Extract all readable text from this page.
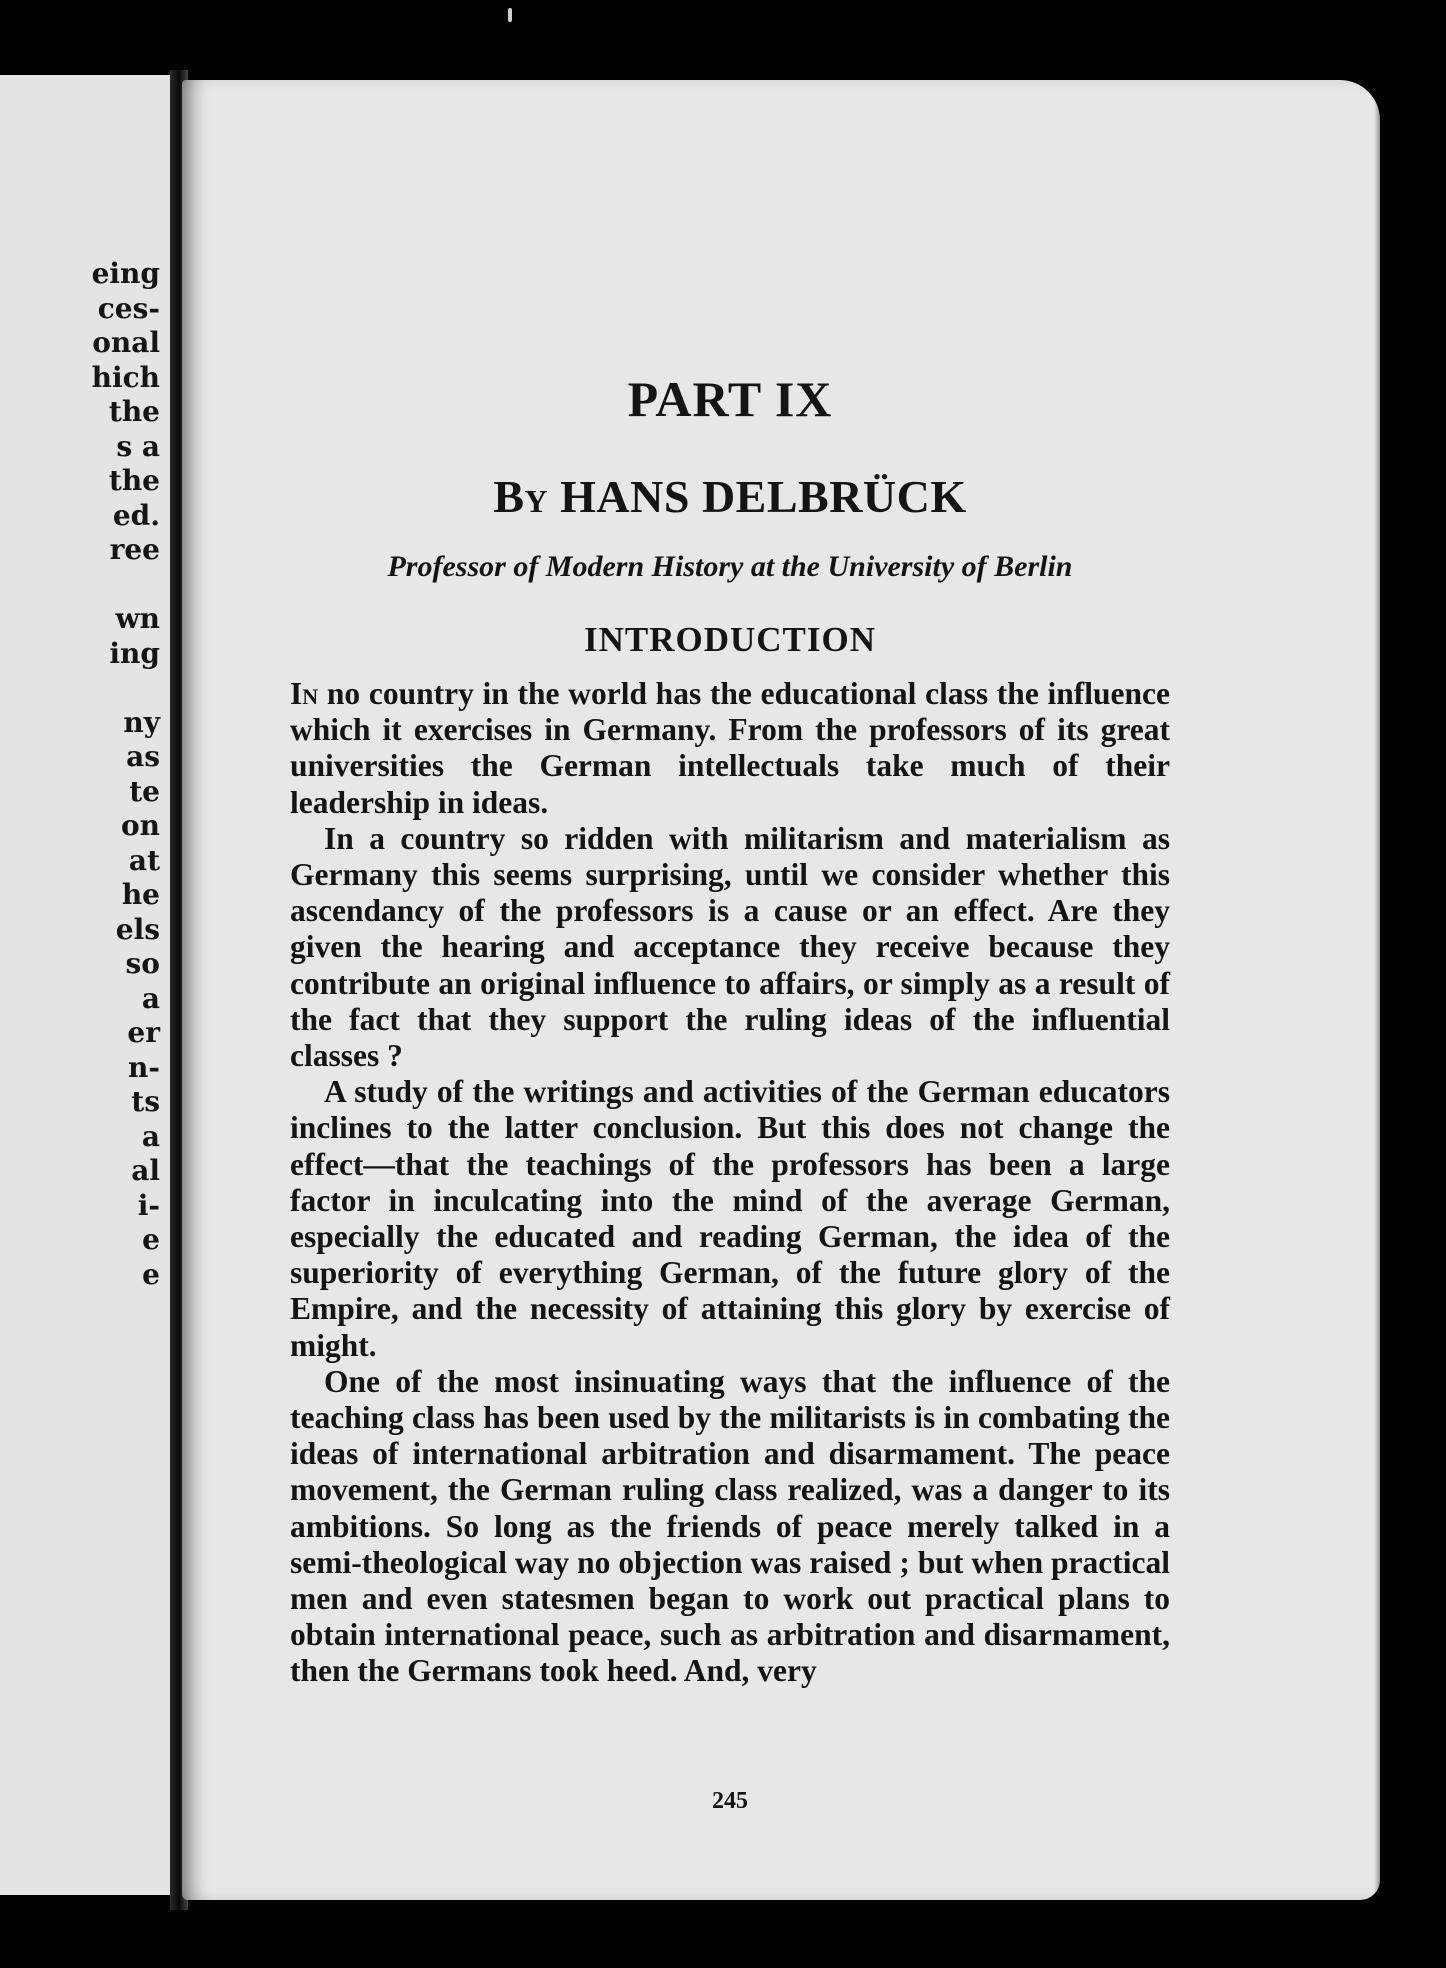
eing
ces-
onal
hich
the
s a
the
ed.
ree

wn
ing

ny
as
te
on
at
he
els
so
a
er
n-
ts
a
al
i-
e
e
PART IX
By HANS DELBRÜCK

Professor of Modern History at the University of Berlin

INTRODUCTION

In no country in the world has the educational class the influence which it exercises in Germany. From the professors of its great universities the German intellectuals take much of their leadership in ideas.

In a country so ridden with militarism and materialism as Germany this seems surprising, until we consider whether this ascendancy of the professors is a cause or an effect. Are they given the hearing and acceptance they receive because they contribute an original influence to affairs, or simply as a result of the fact that they support the ruling ideas of the influential classes ?

A study of the writings and activities of the German educators inclines to the latter conclusion. But this does not change the effect—that the teachings of the professors has been a large factor in inculcating into the mind of the average German, especially the educated and reading German, the idea of the superiority of everything German, of the future glory of the Empire, and the necessity of attaining this glory by exercise of might.

One of the most insinuating ways that the influence of the teaching class has been used by the militarists is in combating the ideas of international arbitration and disarmament. The peace movement, the German ruling class realized, was a danger to its ambitions. So long as the friends of peace merely talked in a semi-theological way no objection was raised ; but when practical men and even statesmen began to work out practical plans to obtain international peace, such as arbitration and disarmament, then the Germans took heed. And, very

245
